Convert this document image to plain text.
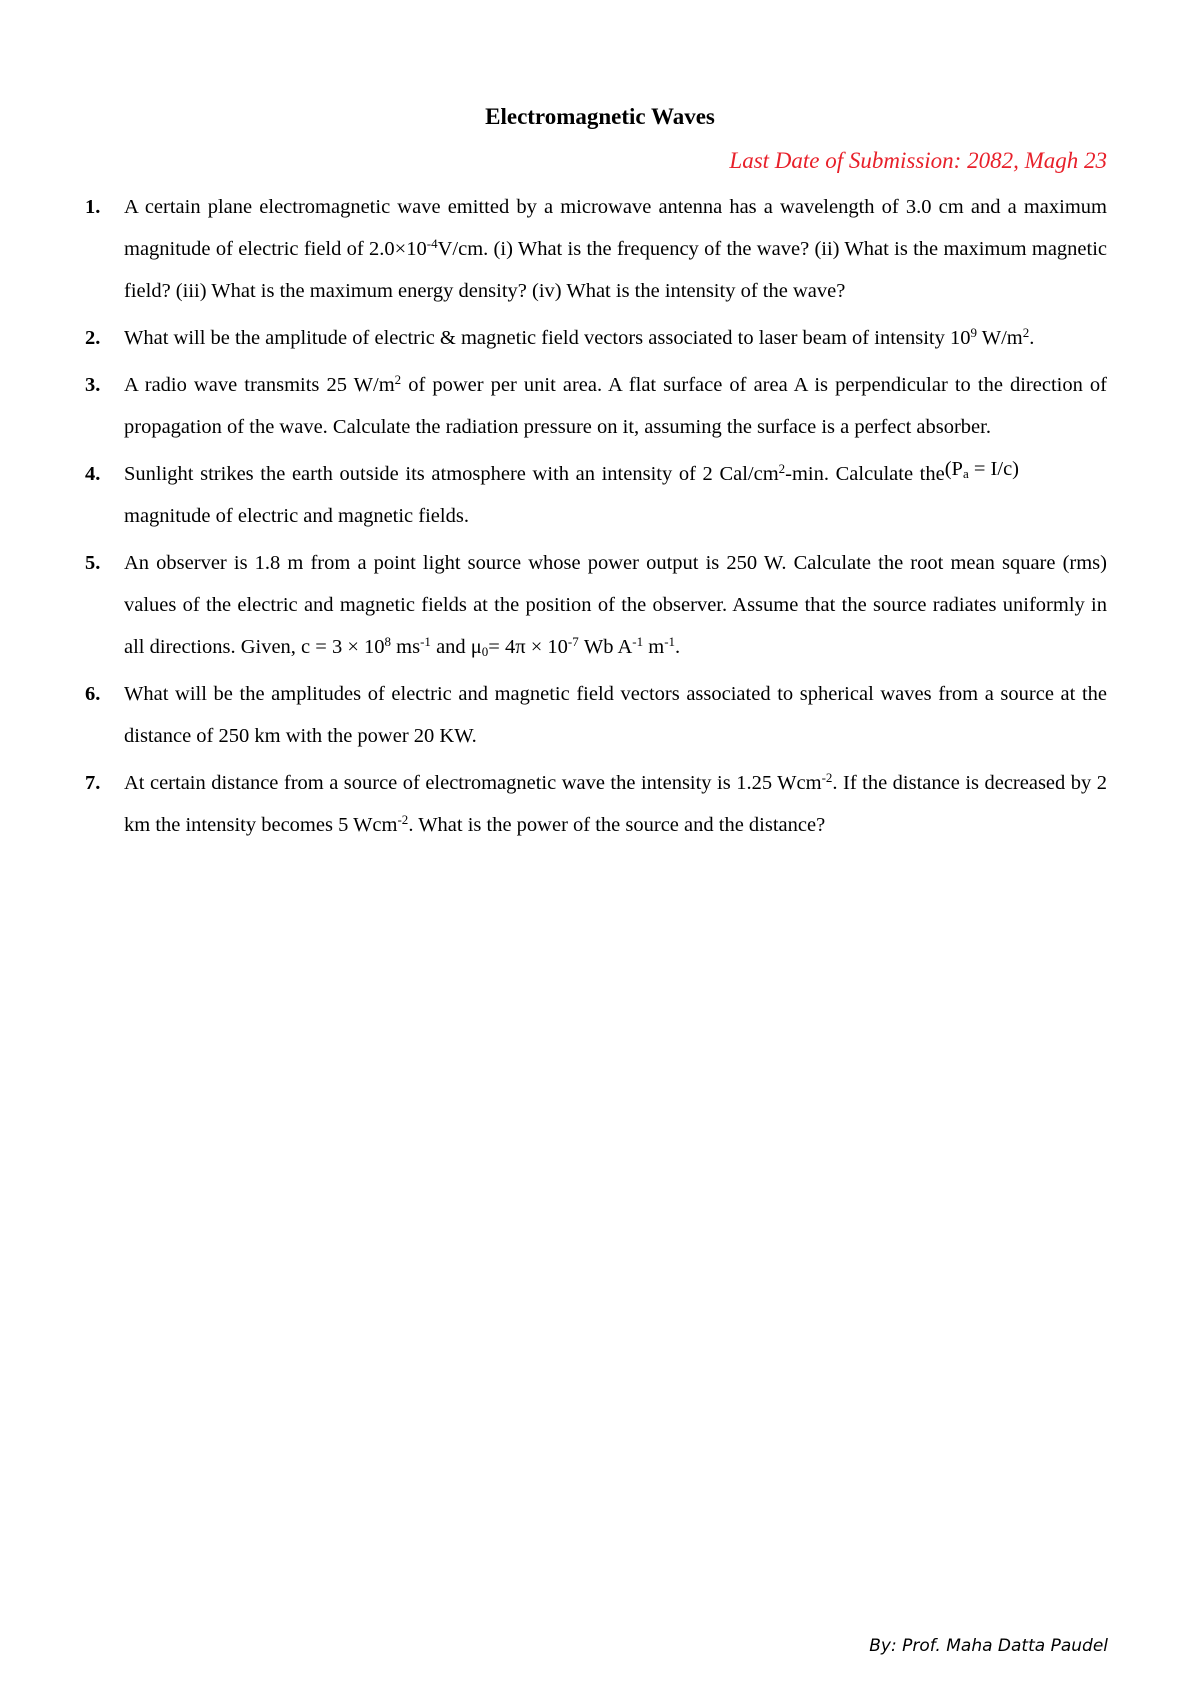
Electromagnetic Waves
Last Date of Submission: 2082, Magh 23
1. A certain plane electromagnetic wave emitted by a microwave antenna has a wavelength of 3.0 cm and a maximum magnitude of electric field of $2.0\times 10^{-4}V/cm$. (i) What is the frequency of the wave? (ii) What is the maximum magnetic field? (iii) What is the maximum energy density? (iv) What is the intensity of the wave?
2. What will be the amplitude of electric & magnetic field vectors associated to laser beam of intensity $10^9$ $W/m^2$.
3. A radio wave transmits 25 $W/m^2$ of power per unit area. A flat surface of area A is perpendicular to the direction of propagation of the wave. Calculate the radiation pressure on it, assuming the surface is a perfect absorber.
$(P_a = I/c)$
4. Sunlight strikes the earth outside its atmosphere with an intensity of 2 Cal/$cm^2-\min$. Calculate the magnitude of electric and magnetic fields.
5. An observer is 1.8 m from a point light source whose power output is 250 W. Calculate the root mean square (rms) values of the electric and magnetic fields at the position of the observer. Assume that the source radiates uniformly in all directions. Given, $c = 3 \times 10^8$ $ms^{-1}$ and $\mu_0= 4\pi \times 10^{-7}$ Wb $A^{-1}$ $m^{-1}$.
6. What will be the amplitudes of electric and magnetic field vectors associated to spherical waves from a source at the distance of 250 km with the power 20 KW.
7. At certain distance from a source of electromagnetic wave the intensity is 1.25 Wcm$^{-2}$. If the distance is decreased by 2 km the intensity becomes 5 Wcm$^{-2}$. What is the power of the source and the distance?
By: Prof. Maha Datta Paudel
